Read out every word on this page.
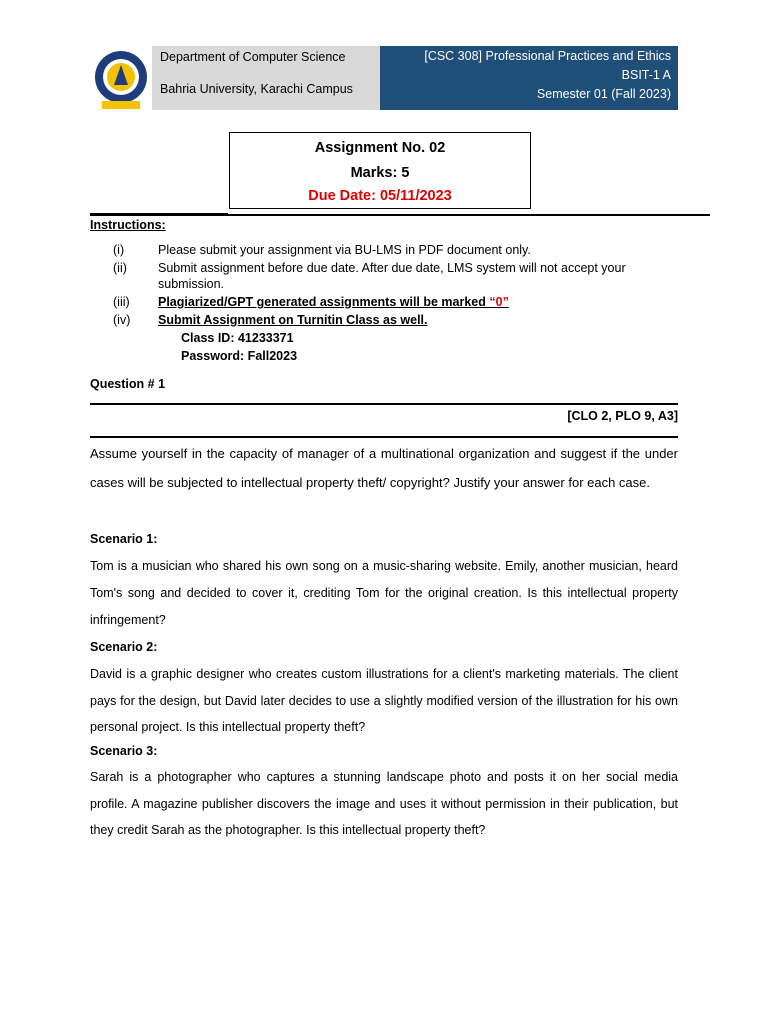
Department of Computer Science
Bahria University, Karachi Campus
[CSC 308] Professional Practices and Ethics
BSIT-1 A
Semester 01 (Fall 2023)
Assignment No. 02
Marks: 5
Due Date: 05/11/2023
Instructions:
(i)	Please submit your assignment via BU-LMS in PDF document only.
(ii) Submit assignment before due date. After due date, LMS system will not accept your
submission.
(iii) Plagiarized/GPT generated assignments will be marked “0”
(iv) Submit Assignment on Turnitin Class as well.
Class ID: 41233371
Password: Fall2023
Question # 1
[CLO 2, PLO 9, A3]
Assume yourself in the capacity of manager of a multinational organization and suggest if the under cases will be subjected to intellectual property theft/ copyright? Justify your answer for each case.
Scenario 1:
Tom is a musician who shared his own song on a music-sharing website. Emily, another musician, heard Tom's song and decided to cover it, crediting Tom for the original creation. Is this intellectual property infringement?
Scenario 2:
David is a graphic designer who creates custom illustrations for a client's marketing materials. The client pays for the design, but David later decides to use a slightly modified version of the illustration for his own personal project. Is this intellectual property theft?
Scenario 3:
Sarah is a photographer who captures a stunning landscape photo and posts it on her social media profile. A magazine publisher discovers the image and uses it without permission in their publication, but they credit Sarah as the photographer. Is this intellectual property theft?
